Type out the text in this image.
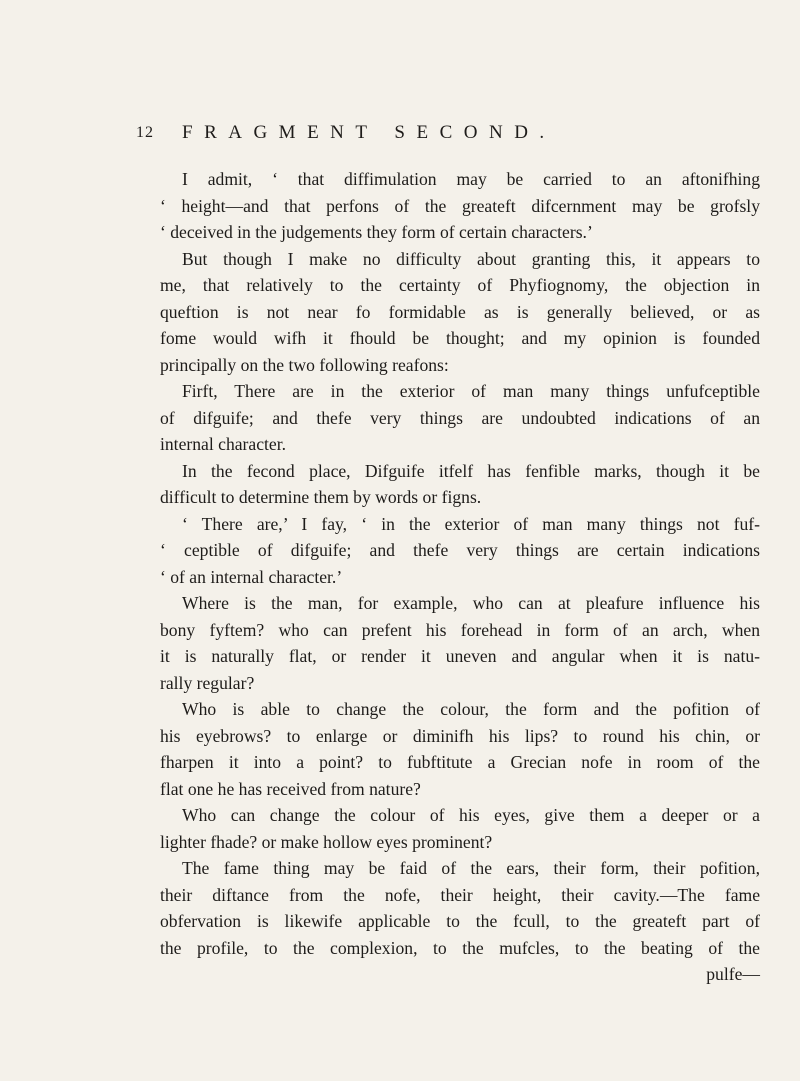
12 FRAGMENT SECOND.
I admit, ‘ that diffimulation may be carried to an aftonifhing
‘ height—and that perfons of the greateft difcernment may be grofsly
‘ deceived in the judgements they form of certain characters.’
But though I make no difficulty about granting this, it appears to
me, that relatively to the certainty of Phyfiognomy, the objection in
queftion is not near fo formidable as is generally believed, or as
fome would wifh it fhould be thought; and my opinion is founded
principally on the two following reafons:
Firft, There are in the exterior of man many things unfufceptible
of difguife; and thefe very things are undoubted indications of an
internal character.
In the fecond place, Difguife itfelf has fenfible marks, though it be
difficult to determine them by words or figns.
‘ There are,’ I fay, ‘ in the exterior of man many things not fuf-
‘ ceptible of difguife; and thefe very things are certain indications
‘ of an internal character.’
Where is the man, for example, who can at pleafure influence his
bony fyftem? who can prefent his forehead in form of an arch, when
it is naturally flat, or render it uneven and angular when it is natu-
rally regular?
Who is able to change the colour, the form and the pofition of
his eyebrows? to enlarge or diminifh his lips? to round his chin, or
fharpen it into a point? to fubftitute a Grecian nofe in room of the
flat one he has received from nature?
Who can change the colour of his eyes, give them a deeper or a
lighter fhade? or make hollow eyes prominent?
The fame thing may be faid of the ears, their form, their pofition,
their diftance from the nofe, their height, their cavity.—The fame
obfervation is likewife applicable to the fcull, to the greateft part of
the profile, to the complexion, to the mufcles, to the beating of the
pulfe—
